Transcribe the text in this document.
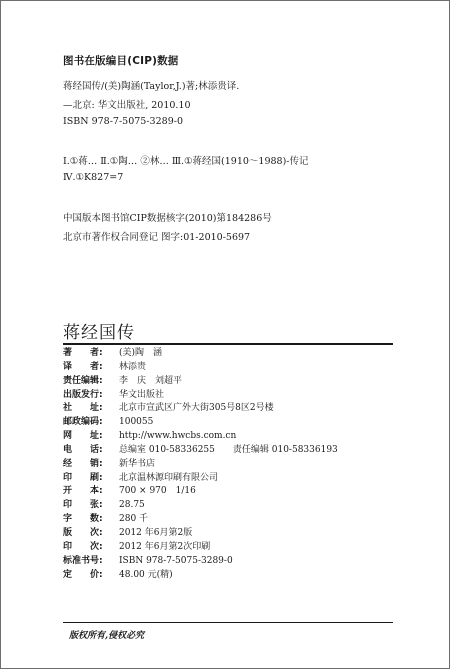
图书在版编目(CIP)数据
蒋经国传/(美)陶涵(Taylor,J.)著;林添贵译.
—北京: 华文出版社, 2010.10
ISBN 978-7-5075-3289-0
Ⅰ.①蒋… Ⅱ.①陶… ②林… Ⅲ.①蒋经国(1910～1988)-传记
Ⅳ.①K827=7
中国版本图书馆CIP数据核字(2010)第184286号
北京市著作权合同登记 图字:01-2010-5697
蒋经国传
著　　者:	(美)陶　涵
译　　者:	林添贵
责任编辑:	李　庆　刘超平
出版发行:	华文出版社
社　　址:	北京市宣武区广外大街305号8区2号楼
邮政编码:	100055
网　　址:	http://www.hwcbs.com.cn
电　　话:	总编室 010-58336255　　责任编辑 010-58336193
经　　销:	新华书店
印　　刷:	北京温林源印刷有限公司
开　　本:	700 × 970　1/16
印　　张:	28.75
字　　数:	280 千
版　　次:	2012 年6月第2版
印　　次:	2012 年6月第2次印刷
标准书号:	ISBN 978-7-5075-3289-0
定　　价:	48.00 元(精)
版权所有,侵权必究
